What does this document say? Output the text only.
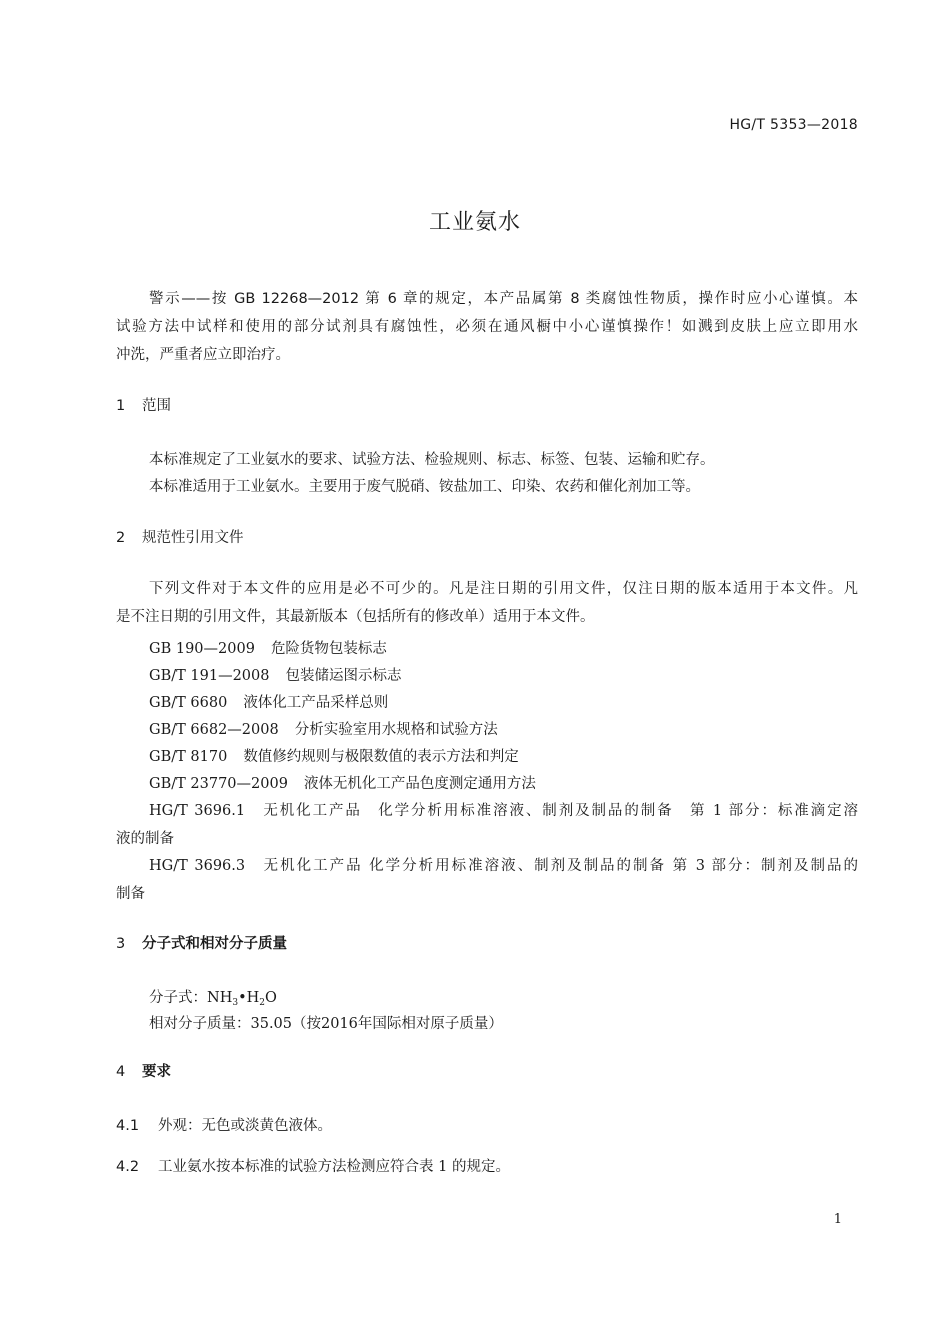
HG/T 5353—2018
工业氨水
警示——按 GB 12268—2012 第 6 章的规定，本产品属第 8 类腐蚀性物质，操作时应小心谨慎。本
试验方法中试样和使用的部分试剂具有腐蚀性，必须在通风橱中小心谨慎操作！如溅到皮肤上应立即用水
冲洗，严重者应立即治疗。
1 范围
本标准规定了工业氨水的要求、试验方法、检验规则、标志、标签、包装、运输和贮存。
本标准适用于工业氨水。主要用于废气脱硝、铵盐加工、印染、农药和催化剂加工等。
2 规范性引用文件
下列文件对于本文件的应用是必不可少的。凡是注日期的引用文件，仅注日期的版本适用于本文件。凡
是不注日期的引用文件，其最新版本（包括所有的修改单）适用于本文件。
GB 190—2009 危险货物包装标志
GB/T 191—2008 包装储运图示标志
GB/T 6680 液体化工产品采样总则
GB/T 6682—2008 分析实验室用水规格和试验方法
GB/T 8170 数值修约规则与极限数值的表示方法和判定
GB/T 23770—2009 液体无机化工产品色度测定通用方法
HG/T 3696.1　无机化工产品　化学分析用标准溶液、制剂及制品的制备　第 1 部分：标准滴定溶
液的制备
HG/T 3696.3　无机化工产品 化学分析用标准溶液、制剂及制品的制备 第 3 部分：制剂及制品的
制备
3 分子式和相对分子质量
分子式：$NH_3•H_2O$
相对分子质量：35.05（按2016年国际相对原子质量）
4 要求
4.1 外观：无色或淡黄色液体。
4.2 工业氨水按本标准的试验方法检测应符合表 1 的规定。
1
